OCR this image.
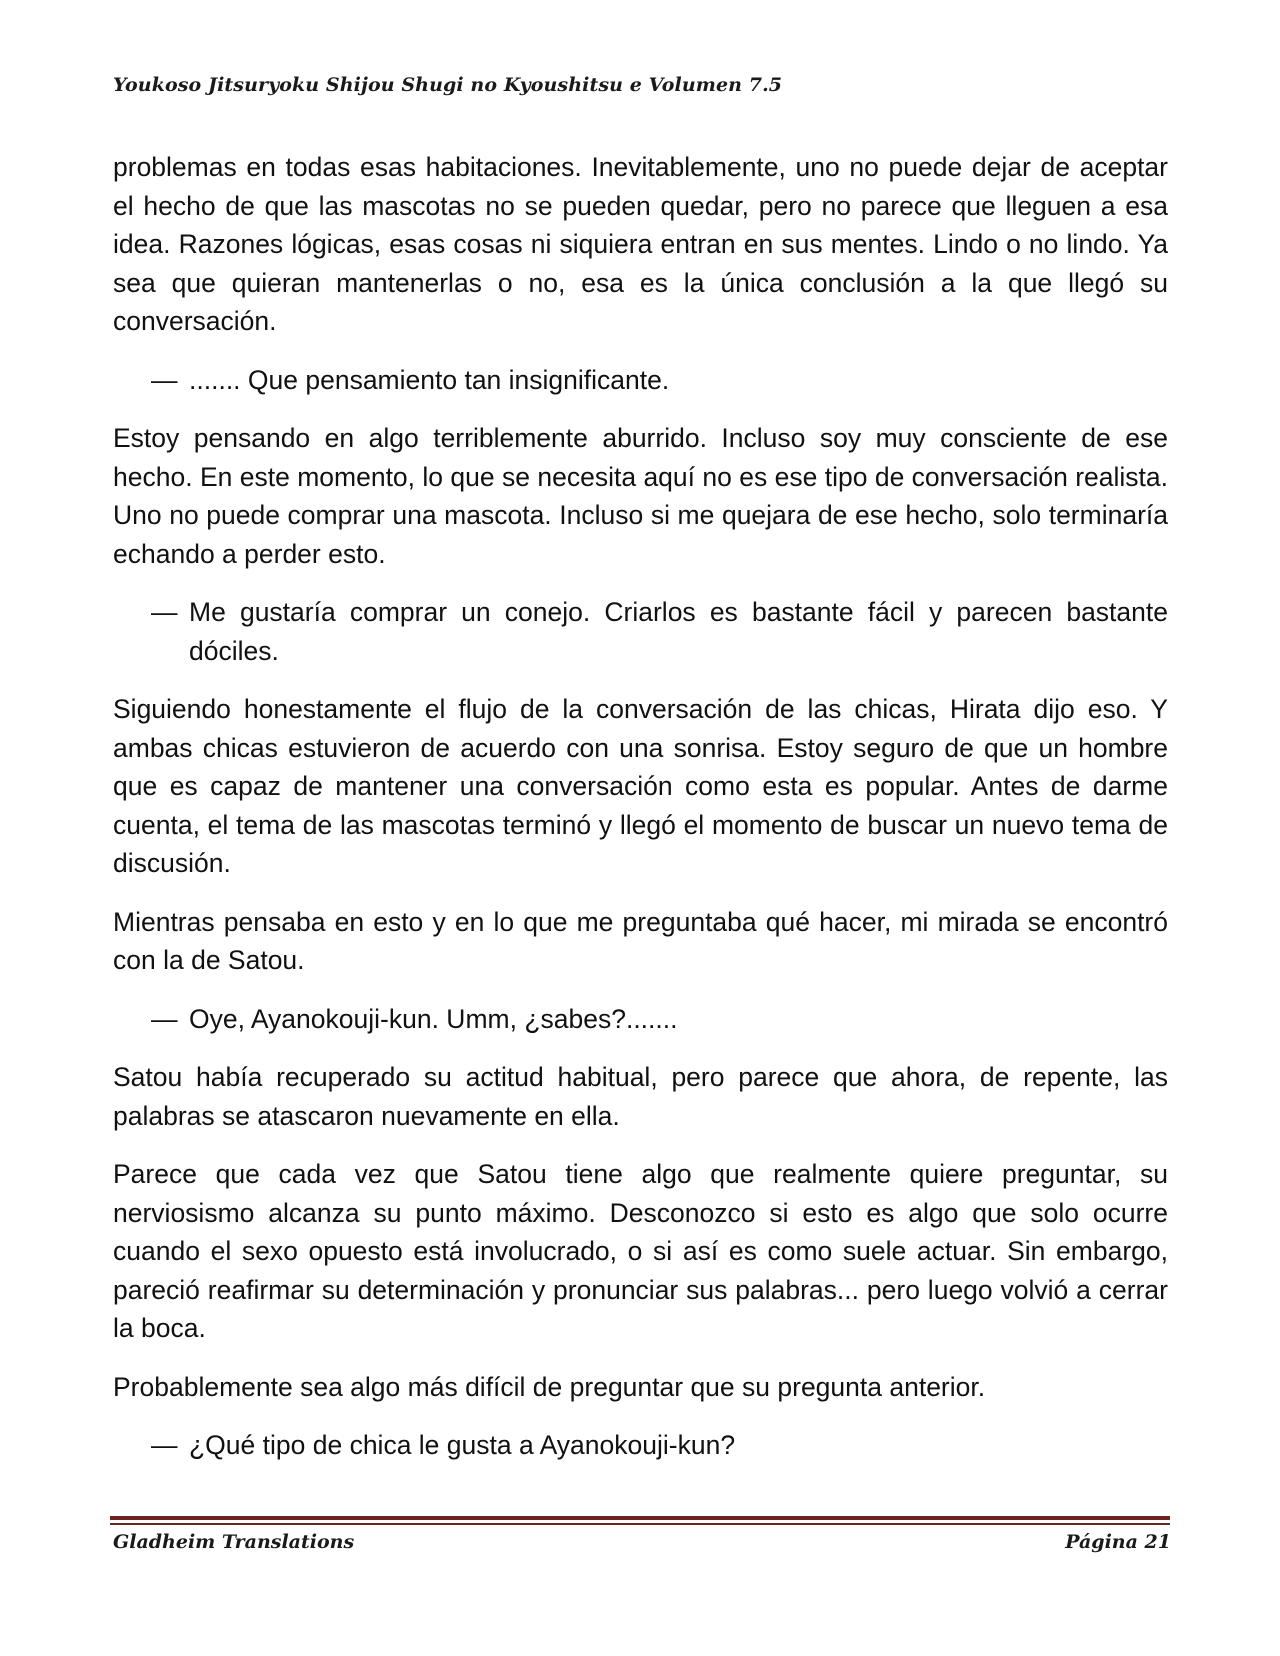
Youkoso Jitsuryoku Shijou Shugi no Kyoushitsu e Volumen 7.5

problemas en todas esas habitaciones. Inevitablemente, uno no puede dejar de aceptar el hecho de que las mascotas no se pueden quedar, pero no parece que lleguen a esa idea. Razones lógicas, esas cosas ni siquiera entran en sus mentes. Lindo o no lindo. Ya sea que quieran mantenerlas o no, esa es la única conclusión a la que llegó su conversación.

— ....... Que pensamiento tan insignificante.

Estoy pensando en algo terriblemente aburrido. Incluso soy muy consciente de ese hecho. En este momento, lo que se necesita aquí no es ese tipo de conversación realista. Uno no puede comprar una mascota. Incluso si me quejara de ese hecho, solo terminaría echando a perder esto.

— Me gustaría comprar un conejo. Criarlos es bastante fácil y parecen bastante dóciles.

Siguiendo honestamente el flujo de la conversación de las chicas, Hirata dijo eso. Y ambas chicas estuvieron de acuerdo con una sonrisa. Estoy seguro de que un hombre que es capaz de mantener una conversación como esta es popular. Antes de darme cuenta, el tema de las mascotas terminó y llegó el momento de buscar un nuevo tema de discusión.

Mientras pensaba en esto y en lo que me preguntaba qué hacer, mi mirada se encontró con la de Satou.

— Oye, Ayanokouji-kun. Umm, ¿sabes?.......

Satou había recuperado su actitud habitual, pero parece que ahora, de repente, las palabras se atascaron nuevamente en ella.

Parece que cada vez que Satou tiene algo que realmente quiere preguntar, su nerviosismo alcanza su punto máximo. Desconozco si esto es algo que solo ocurre cuando el sexo opuesto está involucrado, o si así es como suele actuar. Sin embargo, pareció reafirmar su determinación y pronunciar sus palabras... pero luego volvió a cerrar la boca.

Probablemente sea algo más difícil de preguntar que su pregunta anterior.

— ¿Qué tipo de chica le gusta a Ayanokouji-kun?
Gladheim Translations	Página 21
